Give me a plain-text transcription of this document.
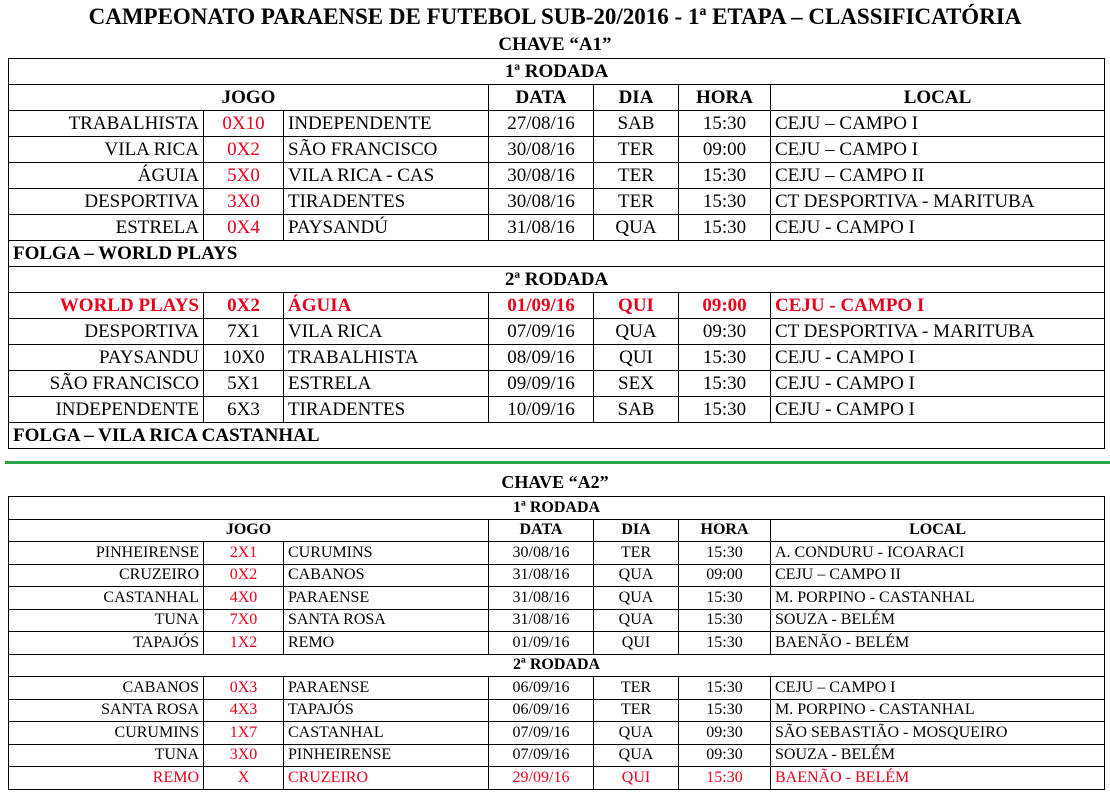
CAMPEONATO PARAENSE DE FUTEBOL SUB-20/2016 - 1ª ETAPA – CLASSIFICATÓRIA
CHAVE “A1”
1ª RODADA						
JOGO			DATA	DIA	HORA	LOCAL
TRABALHISTA	0X10	INDEPENDENTE	27/08/16	SAB	15:30	CEJU – CAMPO I
VILA RICA	0X2	SÃO FRANCISCO	30/08/16	TER	09:00	CEJU – CAMPO I
ÁGUIA	5X0	VILA RICA - CAS	30/08/16	TER	15:30	CEJU – CAMPO II
DESPORTIVA	3X0	TIRADENTES	30/08/16	TER	15:30	CT DESPORTIVA - MARITUBA
ESTRELA	0X4	PAYSANDÚ	31/08/16	QUA	15:30	CEJU - CAMPO I
FOLGA – WORLD PLAYS						
2ª RODADA						
WORLD PLAYS	0X2	ÁGUIA	01/09/16	QUI	09:00	CEJU - CAMPO I
DESPORTIVA	7X1	VILA RICA	07/09/16	QUA	09:30	CT DESPORTIVA - MARITUBA
PAYSANDU	10X0	TRABALHISTA	08/09/16	QUI	15:30	CEJU - CAMPO I
SÃO FRANCISCO	5X1	ESTRELA	09/09/16	SEX	15:30	CEJU - CAMPO I
INDEPENDENTE	6X3	TIRADENTES	10/09/16	SAB	15:30	CEJU - CAMPO I
FOLGA – VILA RICA CASTANHAL						
CHAVE “A2”
1ª RODADA						
JOGO			DATA	DIA	HORA	LOCAL
PINHEIRENSE	2X1	CURUMINS	30/08/16	TER	15:30	A. CONDURU - ICOARACI
CRUZEIRO	0X2	CABANOS	31/08/16	QUA	09:00	CEJU – CAMPO II
CASTANHAL	4X0	PARAENSE	31/08/16	QUA	15:30	M. PORPINO - CASTANHAL
TUNA	7X0	SANTA ROSA	31/08/16	QUA	15:30	SOUZA - BELÉM
TAPAJÓS	1X2	REMO	01/09/16	QUI	15:30	BAENÃO - BELÉM
2ª RODADA						
CABANOS	0X3	PARAENSE	06/09/16	TER	15:30	CEJU – CAMPO I
SANTA ROSA	4X3	TAPAJÓS	06/09/16	TER	15:30	M. PORPINO - CASTANHAL
CURUMINS	1X7	CASTANHAL	07/09/16	QUA	09:30	SÃO SEBASTIÃO - MOSQUEIRO
TUNA	3X0	PINHEIRENSE	07/09/16	QUA	09:30	SOUZA - BELÉM
REMO	X	CRUZEIRO	29/09/16	QUI	15:30	BAENÃO - BELÉM
